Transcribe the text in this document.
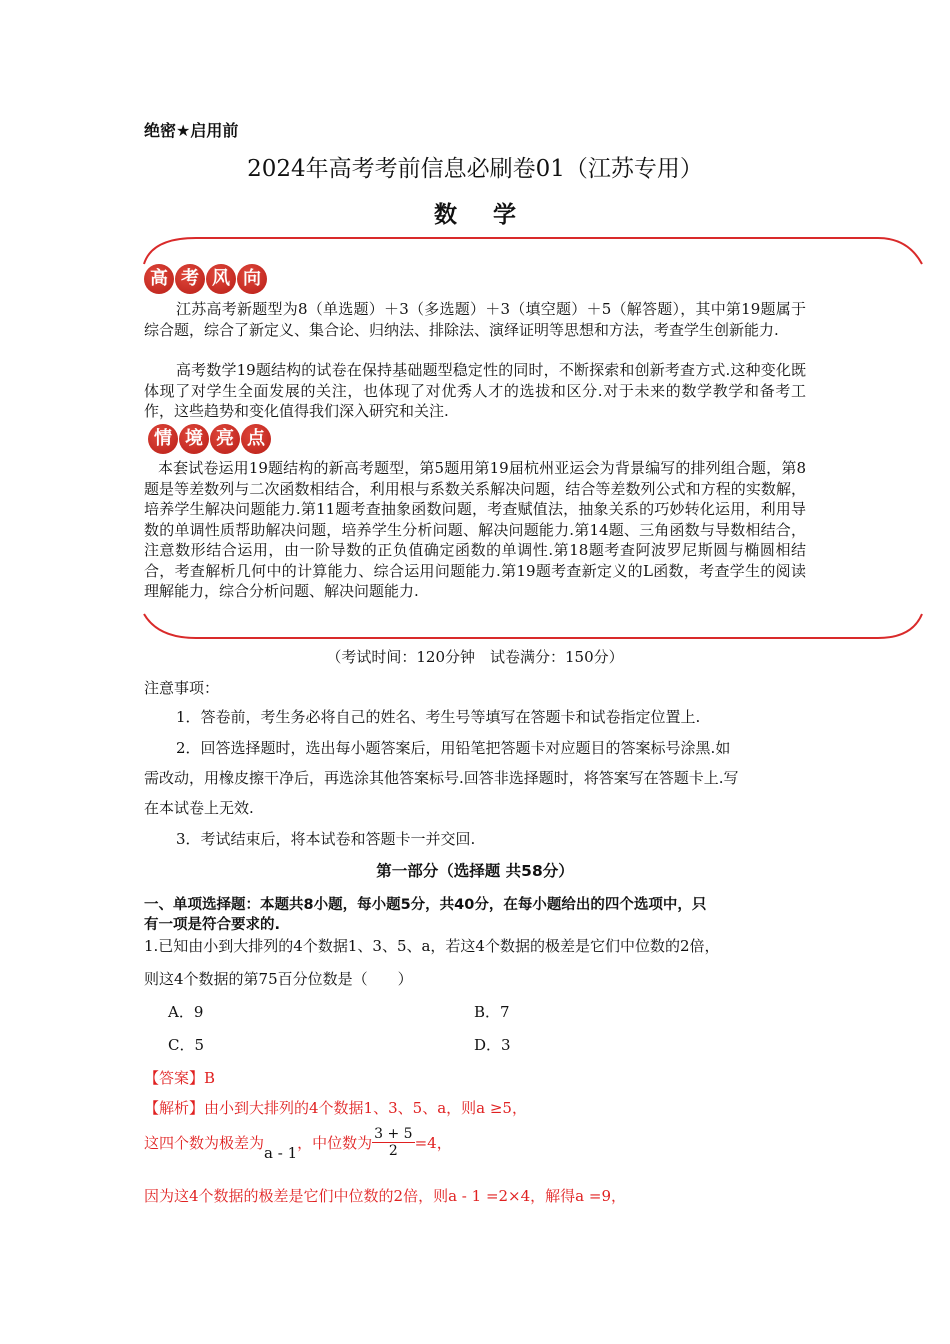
绝密★启用前
2024年高考考前信息必刷卷01（江苏专用）
数 学
高 考 风 向
江苏高考新题型为8（单选题）＋3（多选题）＋3（填空题）＋5（解答题），其中第19题属于综合题，综合了新定义、集合论、归纳法、排除法、演绎证明等思想和方法，考查学生创新能力.
高考数学19题结构的试卷在保持基础题型稳定性的同时，不断探索和创新考查方式.这种变化既体现了对学生全面发展的关注，也体现了对优秀人才的选拔和区分.对于未来的数学教学和备考工作，这些趋势和变化值得我们深入研究和关注.
情 境 亮 点
本套试卷运用19题结构的新高考题型，第5题用第19届杭州亚运会为背景编写的排列组合题，第8题是等差数列与二次函数相结合，利用根与系数关系解决问题，结合等差数列公式和方程的实数解，培养学生解决问题能力.第11题考查抽象函数问题，考查赋值法，抽象关系的巧妙转化运用，利用导数的单调性质帮助解决问题，培养学生分析问题、解决问题能力.第14题、三角函数与导数相结合，注意数形结合运用，由一阶导数的正负值确定函数的单调性.第18题考查阿波罗尼斯圆与椭圆相结合，考查解析几何中的计算能力、综合运用问题能力.第19题考查新定义的L函数，考查学生的阅读理解能力，综合分析问题、解决问题能力.
（考试时间：120分钟　试卷满分：150分）
注意事项：
1．答卷前，考生务必将自己的姓名、考生号等填写在答题卡和试卷指定位置上.
2．回答选择题时，选出每小题答案后，用铅笔把答题卡对应题目的答案标号涂黑.如
需改动，用橡皮擦干净后，再选涂其他答案标号.回答非选择题时，将答案写在答题卡上.写
在本试卷上无效.
3．考试结束后，将本试卷和答题卡一并交回.
第一部分（选择题 共58分）
一、单项选择题：本题共8小题，每小题5分，共40分，在每小题给出的四个选项中，只
有一项是符合要求的.
1.已知由小到大排列的4个数据1、3、5、a，若这4个数据的极差是它们中位数的2倍，
则这4个数据的第75百分位数是（　　）
A．9	B．7
C．5	D．3
【答案】B
【解析】由小到大排列的4个数据1、3、5、a，则a ≥5，
这四个数为极差为
a - 1
，中位数为 $\frac{3 + 5}{2} =4$，
因为这4个数据的极差是它们中位数的2倍，则a - 1 =2×4，解得a =9，
